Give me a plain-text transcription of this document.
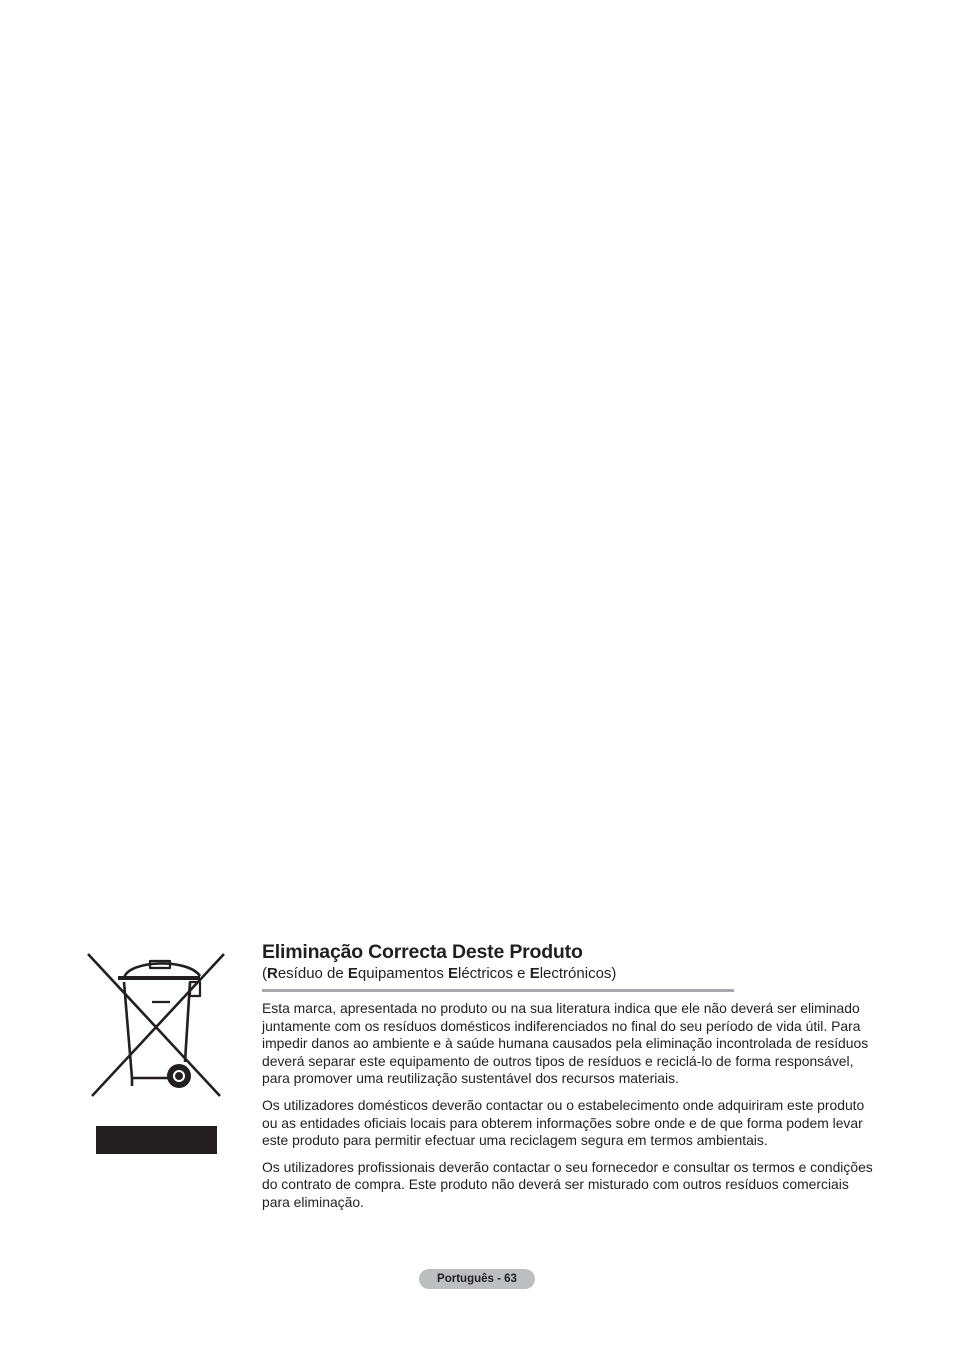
Eliminação Correcta Deste Produto

(Resíduo de Equipamentos Eléctricos e Electrónicos)

Esta marca, apresentada no produto ou na sua literatura indica que ele não deverá ser eliminado juntamente com os resíduos domésticos indiferenciados no final do seu período de vida útil. Para impedir danos ao ambiente e à saúde humana causados pela eliminação incontrolada de resíduos deverá separar este equipamento de outros tipos de resíduos e reciclá-lo de forma responsável, para promover uma reutilização sustentável dos recursos materiais.

Os utilizadores domésticos deverão contactar ou o estabelecimento onde adquiriram este produto ou as entidades oficiais locais para obterem informações sobre onde e de que forma podem levar este produto para permitir efectuar uma reciclagem segura em termos ambientais.

Os utilizadores profissionais deverão contactar o seu fornecedor e consultar os termos e condições do contrato de compra. Este produto não deverá ser misturado com outros resíduos comerciais para eliminação.

Português - 63
